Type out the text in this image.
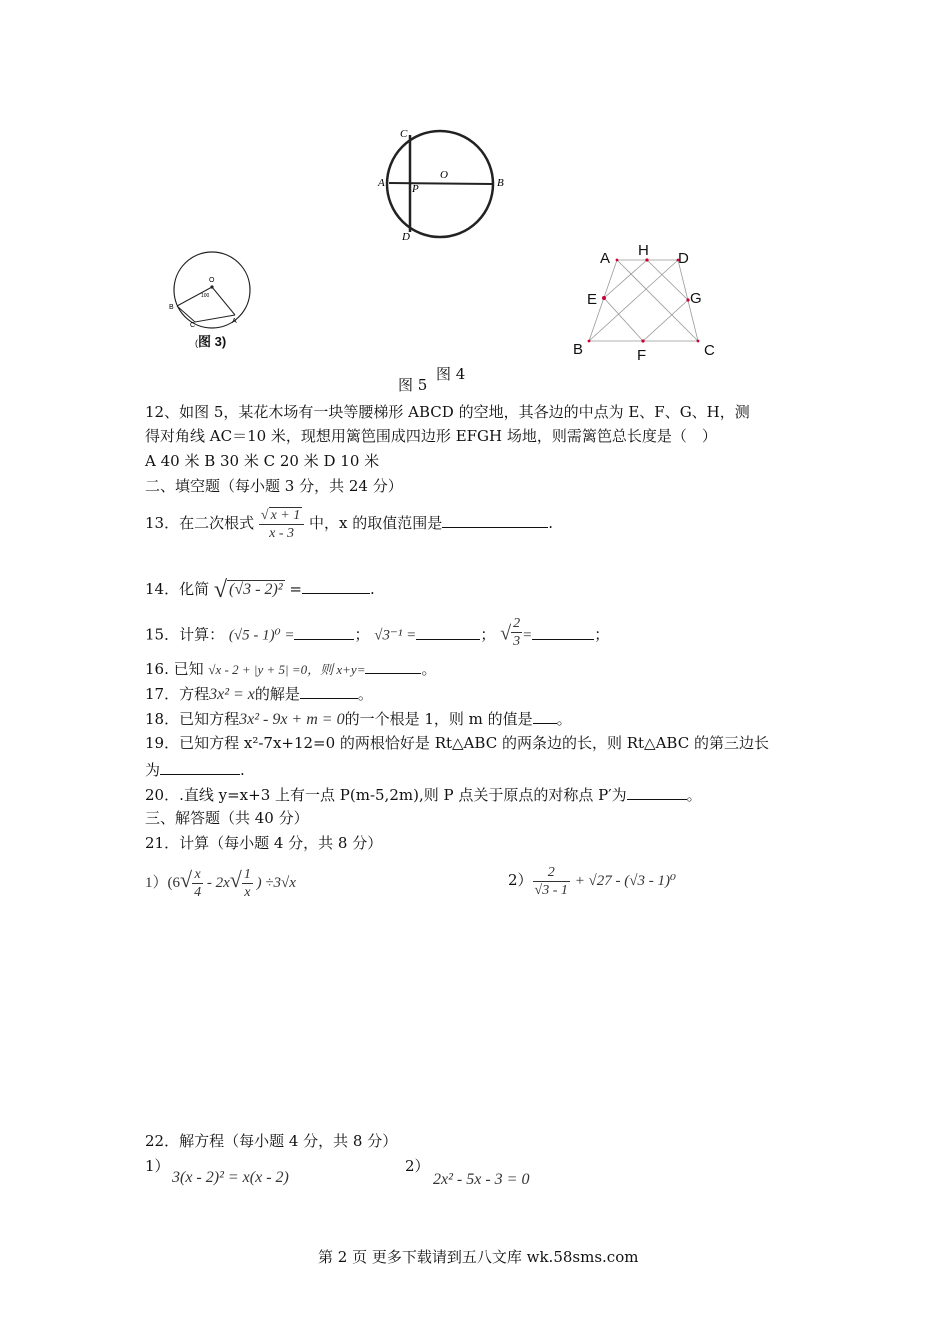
C
A P
O
B
D
O
100
B
C
A
(图 3)
A H D
E	G
B	F	C
图 4
图 5
12、如图 5，某花木场有一块等腰梯形 ABCD 的空地，其各边的中点为 E、F、G、H，测
得对角线 AC＝10 米，现想用篱笆围成四边形 EFGH 场地，则需篱笆总长度是（　）
A 40 米 B 30 米 C 20 米 D 10 米
二、填空题（每小题 3 分，共 24 分）
13．在二次根式 $\frac{√ x + 1}{x - 3}$ 中，x 的取值范围是	.
14．化简 √ (√3 - 2)² =	.
15．计算： (√5 - 1)⁰ =	； √3⁻¹ =	； √ $\frac{2}{3}$ =	；
16. 已知 √x - 2 + |y + 5| =0，则 x+y=	。
17．方程3x² = x的解是	。
18．已知方程3x² - 9x + m = 0的一个根是 1，则 m 的值是 。
19．已知方程 x²-7x+12=0 的两根恰好是 Rt△ABC 的两条边的长，则 Rt△ABC 的第三边长
为	.
20．.直线 y=x+3 上有一点 P(m-5,2m),则 P 点关于原点的对称点 P′为	。
三、解答题（共 40 分）
21．计算（每小题 4 分，共 8 分）
$1)(6√ \frac{x}{4} - 2x√ \frac{1}{x}$ ) ÷3√x	$2) \frac{2}{√3 - 1} + √27 - (√3 - 1)^0$
22．解方程（每小题 4 分，共 8 分）
1）
3(x - 2)² = x(x - 2)
2）
2x² - 5x - 3 = 0
第 2 页 更多下载请到五八文库 wk.58sms.com
